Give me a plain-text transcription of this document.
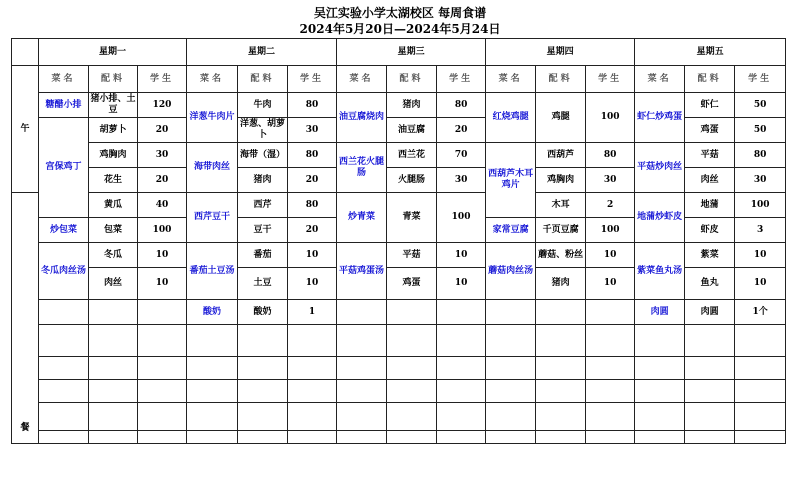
吴江实验小学太湖校区 每周食谱
2024年5月20日—2024年5月24日
	星期一			星期二			星期三			星期四			星期五		
午	菜名	配料	学生	菜名	配料	学生	菜名	配料	学生	菜名	配料	学生	菜名	配料	学生
	糖醋小排	猪小排、土豆	120	洋葱牛肉片	牛肉	80	油豆腐烧肉	猪肉	80	红烧鸡腿	鸡腿	100	虾仁炒鸡蛋	虾仁	50
	宫保鸡丁	胡萝卜	20		洋葱、胡萝卜	30		油豆腐	20					鸡蛋	50
		鸡胸肉	30	海带肉丝	海带（湿）	80	西兰花火腿肠	西兰花	70	西葫芦木耳鸡片	西葫芦	80	平菇炒肉丝	平菇	80
		花生	20		猪肉	20		火腿肠	30		鸡胸肉	30		肉丝	30
餐		黄瓜	40	西芹豆干	西芹	80	炒青菜	青菜	100		木耳	2	地蒲炒虾皮	地蒲	100
	炒包菜	包菜	100		豆干	20				家常豆腐	千页豆腐	100		虾皮	3
	冬瓜肉丝汤	冬瓜	10	番茄土豆汤	番茄	10	平菇鸡蛋汤	平菇	10	蘑菇肉丝汤	蘑菇、粉丝	10	紫菜鱼丸汤	紫菜	10
		肉丝	10		土豆	10		鸡蛋	10		猪肉	10		鱼丸	10
				酸奶	酸奶	1							肉圆	肉圆	1个
